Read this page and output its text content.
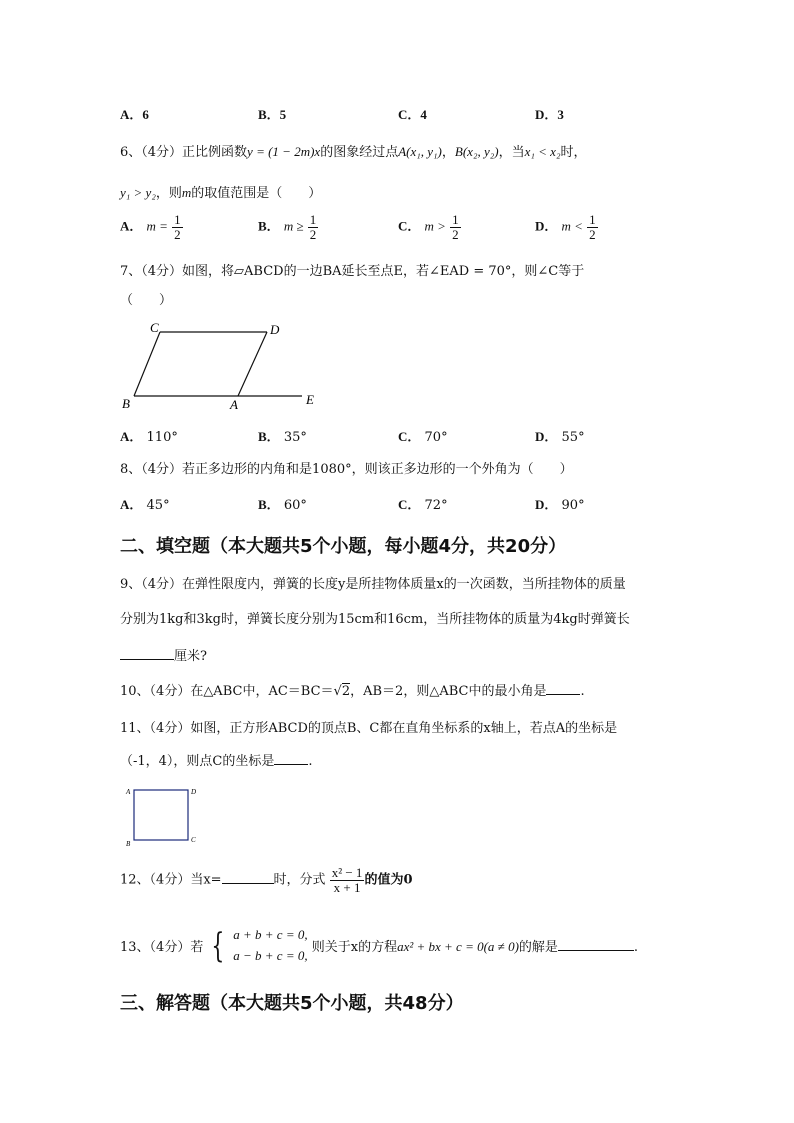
A．6	B．5	C．4	D．3
6、（4分）正比例函数y = (1 − 2m)x的图象经过点A(x₁, y₁)，B(x₂, y₂)，当x₁ < x₂时，
y₁ > y₂，则m的取值范围是（　　）
A． $m = \frac{1}{2}$	B． $m \ge \frac{1}{2}$	C． $m > \frac{1}{2}$	D． $m < \frac{1}{2}$
7、（4分）如图，将▱ABCD的一边BA延长至点E，若∠EAD = 70°，则∠C等于
（　　）
C	D
B	A	E
A． 110°	B． 35°	C． 70°	D． 55°
8、（4分）若正多边形的内角和是1080°，则该正多边形的一个外角为（　　）
A． 45°	B． 60°	C． 72°	D． 90°
二、填空题（本大题共5个小题，每小题4分，共20分）
9、（4分）在弹性限度内，弹簧的长度y是所挂物体质量x的一次函数，当所挂物体的质量
分别为1kg和3kg时，弹簧长度分别为15cm和16cm，当所挂物体的质量为4kg时弹簧长
厘米?
10、（4分）在△ABC中，AC＝BC＝√2，AB＝2，则△ABC中的最小角是	.
11、（4分）如图，正方形ABCD的顶点B、C都在直角坐标系的x轴上，若点A的坐标是
（-1，4），则点C的坐标是	.
A	D
B	C
12、（4分）当x=	时，分式 $\frac{\text{x² − 1}}{x + 1}$ 的值为0
13、（4分）若 { a + b + c = 0,
a − b + c = 0, 则关于x的方程ax² + bx + c = 0(a ≠ 0)的解是	.
三、解答题（本大题共5个小题，共48分）
